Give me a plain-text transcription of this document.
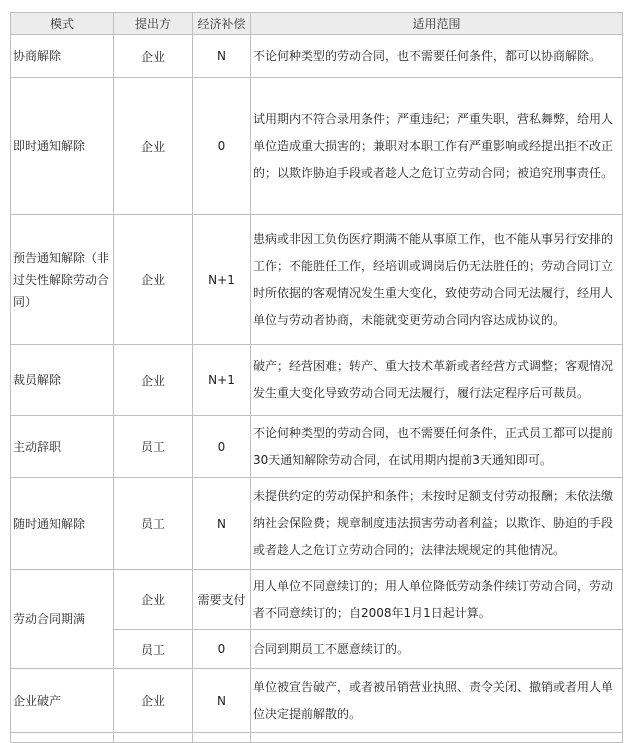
模式	提出方	经济补偿	适用范围
协商解除	企业	N	不论何种类型的劳动合同，也不需要任何条件，都可以协商解除。
即时通知解除	企业	0	试用期内不符合录用条件；严重违纪；严重失职，营私舞弊，给用人单位造成重大损害的；兼职对本职工作有严重影响或经提出拒不改正的；以欺诈胁迫手段或者趁人之危订立劳动合同；被追究刑事责任。
预告通知解除（非过失性解除劳动合同）	企业	N+1	患病或非因工负伤医疗期满不能从事原工作，也不能从事另行安排的工作；不能胜任工作，经培训或调岗后仍无法胜任的；劳动合同订立时所依据的客观情况发生重大变化，致使劳动合同无法履行，经用人单位与劳动者协商，未能就变更劳动合同内容达成协议的。
裁员解除	企业	N+1	破产；经营困难；转产、重大技术革新或者经营方式调整；客观情况发生重大变化导致劳动合同无法履行，履行法定程序后可裁员。
主动辞职	员工	0	不论何种类型的劳动合同，也不需要任何条件，正式员工都可以提前30天通知解除劳动合同，在试用期内提前3天通知即可。
随时通知解除	员工	N	未提供约定的劳动保护和条件；未按时足额支付劳动报酬；未依法缴纳社会保险费；规章制度违法损害劳动者利益；以欺诈、胁迫的手段或者趁人之危订立劳动合同的；法律法规规定的其他情况。
劳动合同期满	企业	需要支付	用人单位不同意续订的；用人单位降低劳动条件续订劳动合同，劳动者不同意续订的；自2008年1月1日起计算。
	员工	0	合同到期员工不愿意续订的。
企业破产	企业	N	单位被宣告破产，或者被吊销营业执照、责令关闭、撤销或者用人单位决定提前解散的。
